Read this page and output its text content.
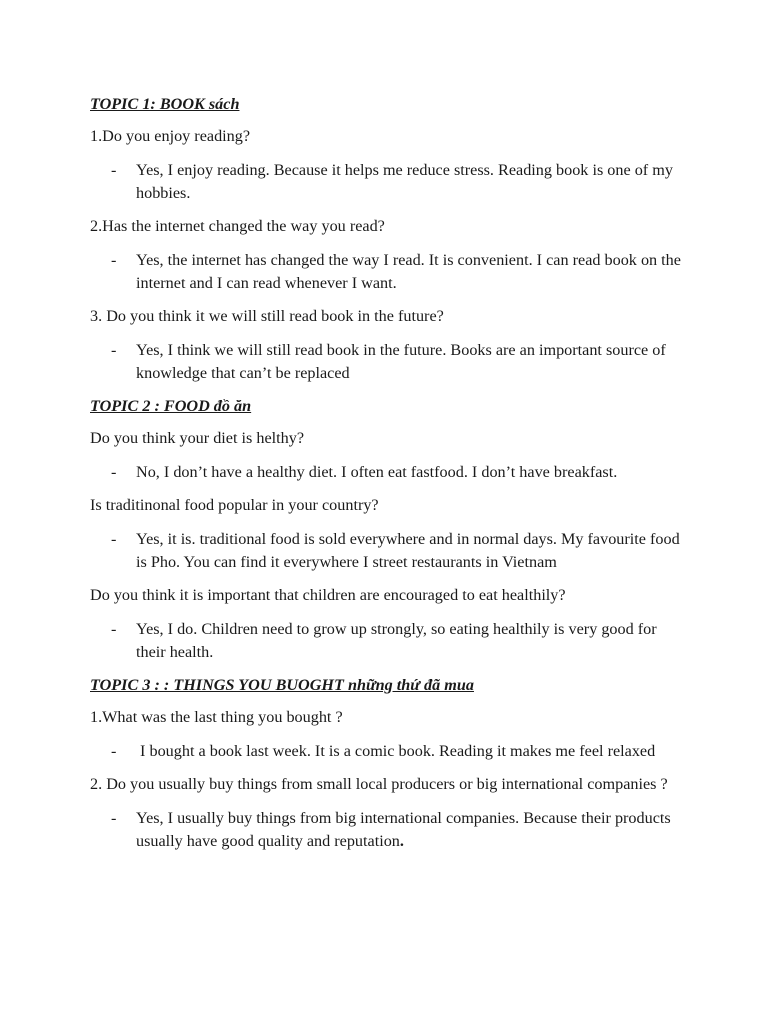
TOPIC 1: BOOK sách

1.Do you enjoy reading?

- Yes, I enjoy reading. Because it helps me reduce stress. Reading book is one of my hobbies.

2.Has the internet changed the way you read?

- Yes, the internet has changed the way I read. It is convenient. I can read book on the internet and I can read whenever I want.

3. Do you think it we will still read book in the future?

- Yes, I think we will still read book in the future. Books are an important source of knowledge that can’t be replaced

TOPIC 2 : FOOD đồ ăn

Do you think your diet is helthy?

- No, I don’t have a healthy diet. I often eat fastfood. I don’t have breakfast.

Is traditinonal food popular in your country?

- Yes, it is. traditional food is sold everywhere and in normal days. My favourite food is Pho. You can find it everywhere I street restaurants in Vietnam

Do you think it is important that children are encouraged to eat healthily?

- Yes, I do. Children need to grow up strongly, so eating healthily is very good for their health.

TOPIC 3 : : THINGS YOU BUOGHT những thứ đã mua

1.What was the last thing you bought ?

- I bought a book last week. It is a comic book. Reading it makes me feel relaxed

2. Do you usually buy things from small local producers or big international companies ?

- Yes, I usually buy things from big international companies. Because their products usually have good quality and reputation.
